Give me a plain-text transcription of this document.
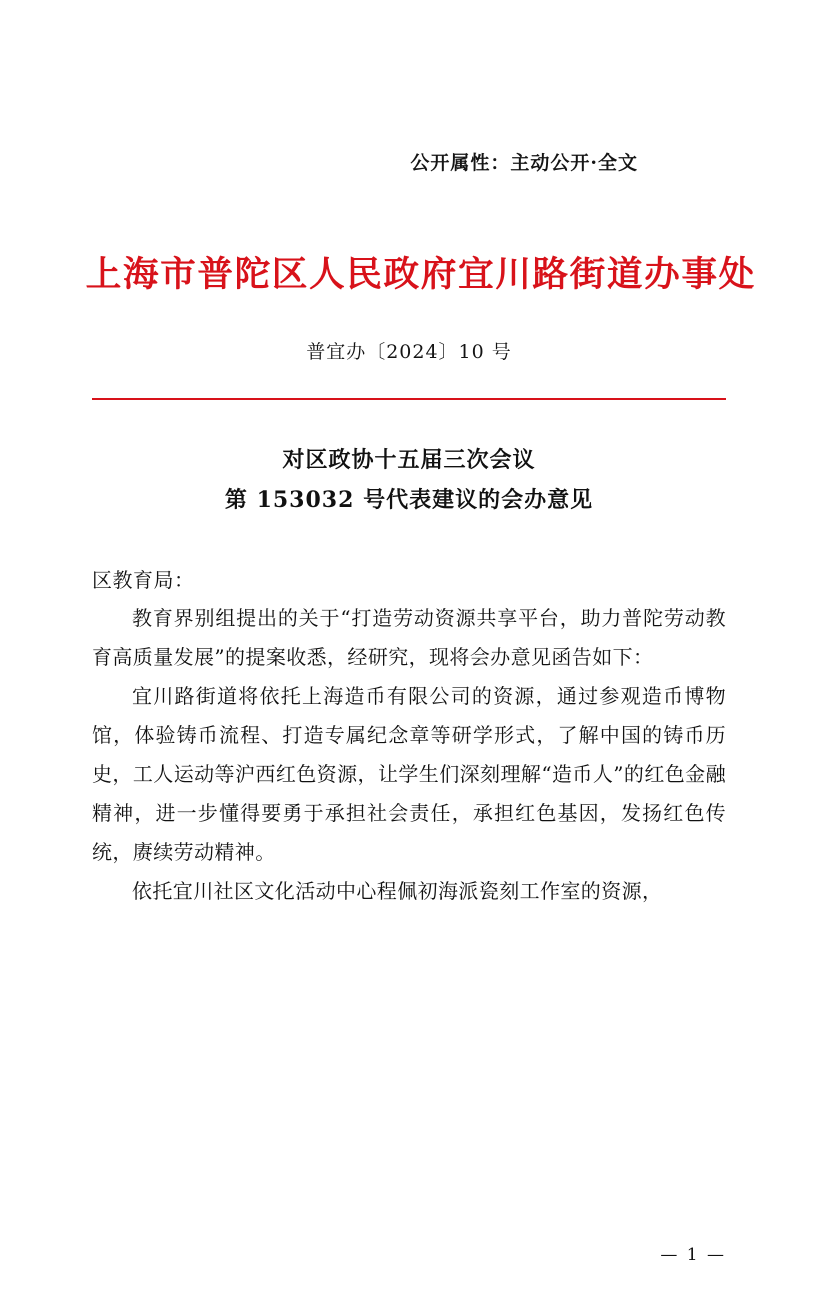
公开属性：主动公开·全文
上海市普陀区人民政府宜川路街道办事处
普宜办〔2024〕10 号
对区政协十五届三次会议
第 153032 号代表建议的会办意见
区教育局：

教育界别组提出的关于“打造劳动资源共享平台，助力普陀劳动教育高质量发展”的提案收悉，经研究，现将会办意见函告如下：

宜川路街道将依托上海造币有限公司的资源，通过参观造币博物馆，体验铸币流程、打造专属纪念章等研学形式，了解中国的铸币历史，工人运动等沪西红色资源，让学生们深刻理解“造币人”的红色金融精神，进一步懂得要勇于承担社会责任，承担红色基因，发扬红色传统，赓续劳动精神。

依托宜川社区文化活动中心程佩初海派瓷刻工作室的资源，

— 1 —
